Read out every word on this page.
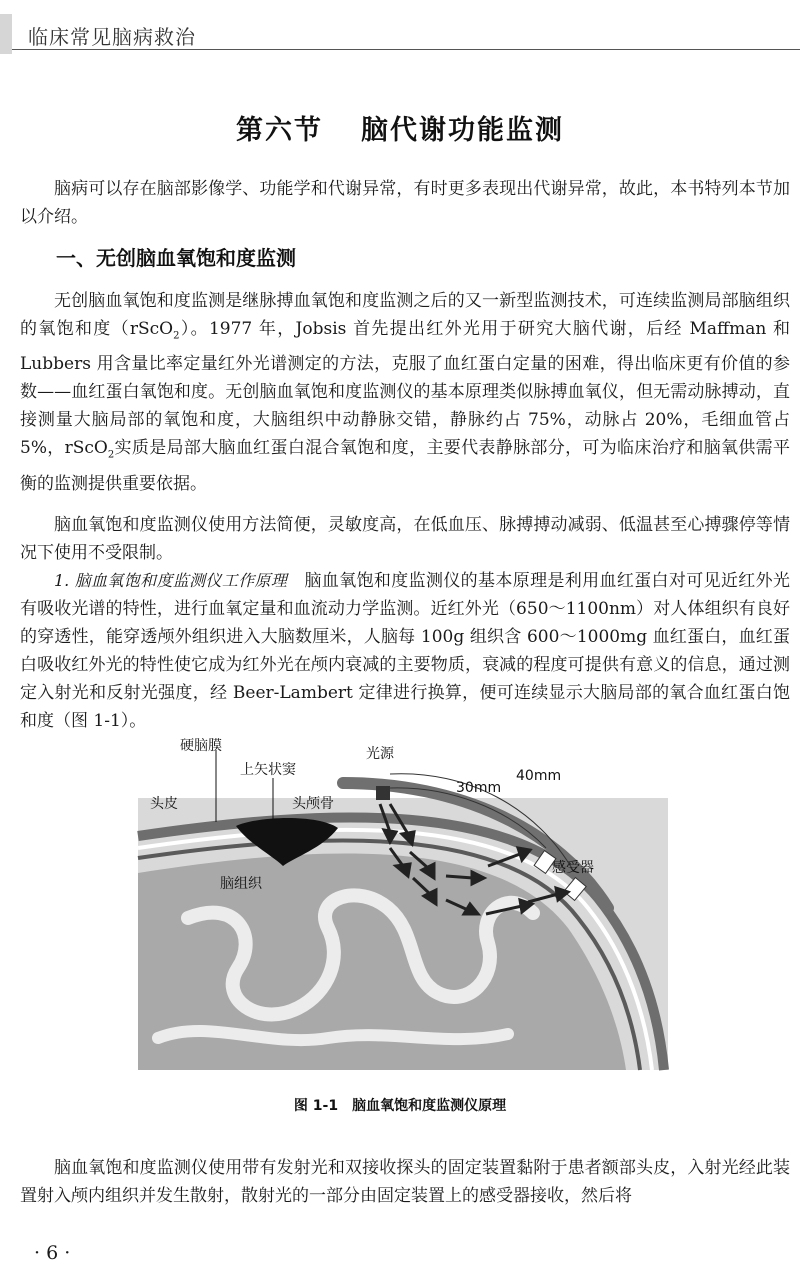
临床常见脑病救治
第六节 脑代谢功能监测

脑病可以存在脑部影像学、功能学和代谢异常，有时更多表现出代谢异常，故此，本书特列本节加以介绍。

一、无创脑血氧饱和度监测

无创脑血氧饱和度监测是继脉搏血氧饱和度监测之后的又一新型监测技术，可连续监测局部脑组织的氧饱和度（rScO$_2$）。1977 年，Jobsis 首先提出红外光用于研究大脑代谢，后经 Maffman 和 Lubbers 用含量比率定量红外光谱测定的方法，克服了血红蛋白定量的困难，得出临床更有价值的参数——血红蛋白氧饱和度。无创脑血氧饱和度监测仪的基本原理类似脉搏血氧仪，但无需动脉搏动，直接测量大脑局部的氧饱和度，大脑组织中动静脉交错，静脉约占 75%，动脉占 20%，毛细血管占 5%，rScO$_2$实质是局部大脑血红蛋白混合氧饱和度，主要代表静脉部分，可为临床治疗和脑氧供需平衡的监测提供重要依据。

脑血氧饱和度监测仪使用方法简便，灵敏度高，在低血压、脉搏搏动减弱、低温甚至心搏骤停等情况下使用不受限制。

1. 脑血氧饱和度监测仪工作原理 脑血氧饱和度监测仪的基本原理是利用血红蛋白对可见近红外光有吸收光谱的特性，进行血氧定量和血流动力学监测。近红外光（650～1100nm）对人体组织有良好的穿透性，能穿透颅外组织进入大脑数厘米，人脑每 100g 组织含 600～1000mg 血红蛋白，血红蛋白吸收红外光的特性使它成为红外光在颅内衰减的主要物质，衰减的程度可提供有意义的信息，通过测定入射光和反射光强度，经 Beer-Lambert 定律进行换算，便可连续显示大脑局部的氧合血红蛋白饱和度（图 1-1）。

硬脑膜
上矢状窦
光源
40mm
30mm
头皮	头颅骨
感受器
脑组织
图 1-1　脑血氧饱和度监测仪原理

脑血氧饱和度监测仪使用带有发射光和双接收探头的固定装置黏附于患者额部头皮，入射光经此装置射入颅内组织并发生散射，散射光的一部分由固定装置上的感受器接收，然后将

· 6 ·
